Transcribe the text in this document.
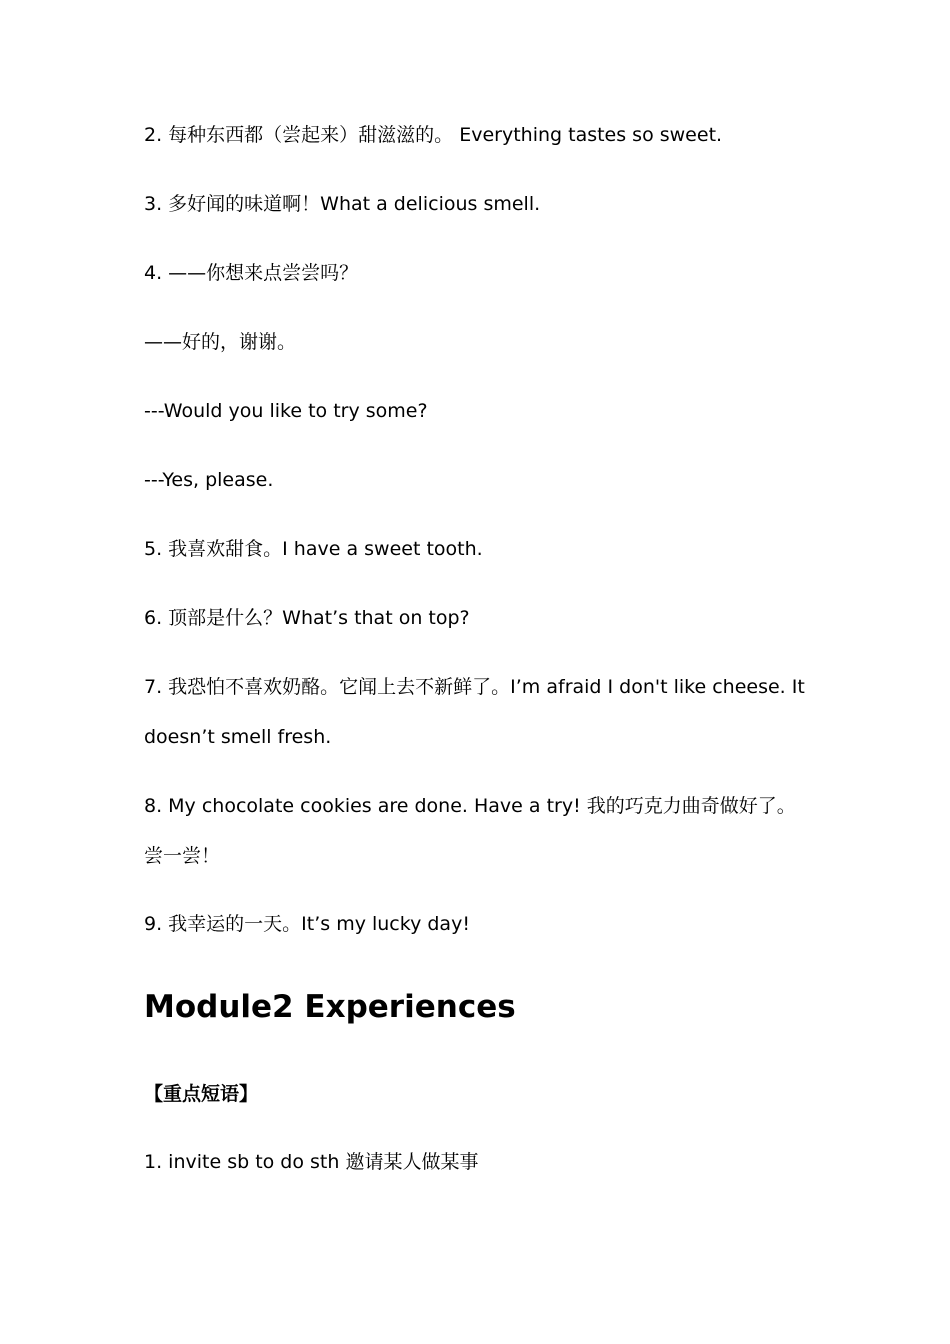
2. 每种东西都（尝起来）甜滋滋的。 Everything tastes so sweet.
3. 多好闻的味道啊！What a delicious smell.
4. ——你想来点尝尝吗？
——好的，谢谢。
---Would you like to try some?
---Yes, please.
5. 我喜欢甜食。I have a sweet tooth.
6. 顶部是什么？What’s that on top?
7. 我恐怕不喜欢奶酪。它闻上去不新鲜了。I’m afraid I don't like cheese. It doesn’t smell fresh.
8. My chocolate cookies are done. Have a try! 我的巧克力曲奇做好了。尝一尝！
9. 我幸运的一天。It’s my lucky day!
Module2 Experiences
【重点短语】
1. invite sb to do sth 邀请某人做某事
